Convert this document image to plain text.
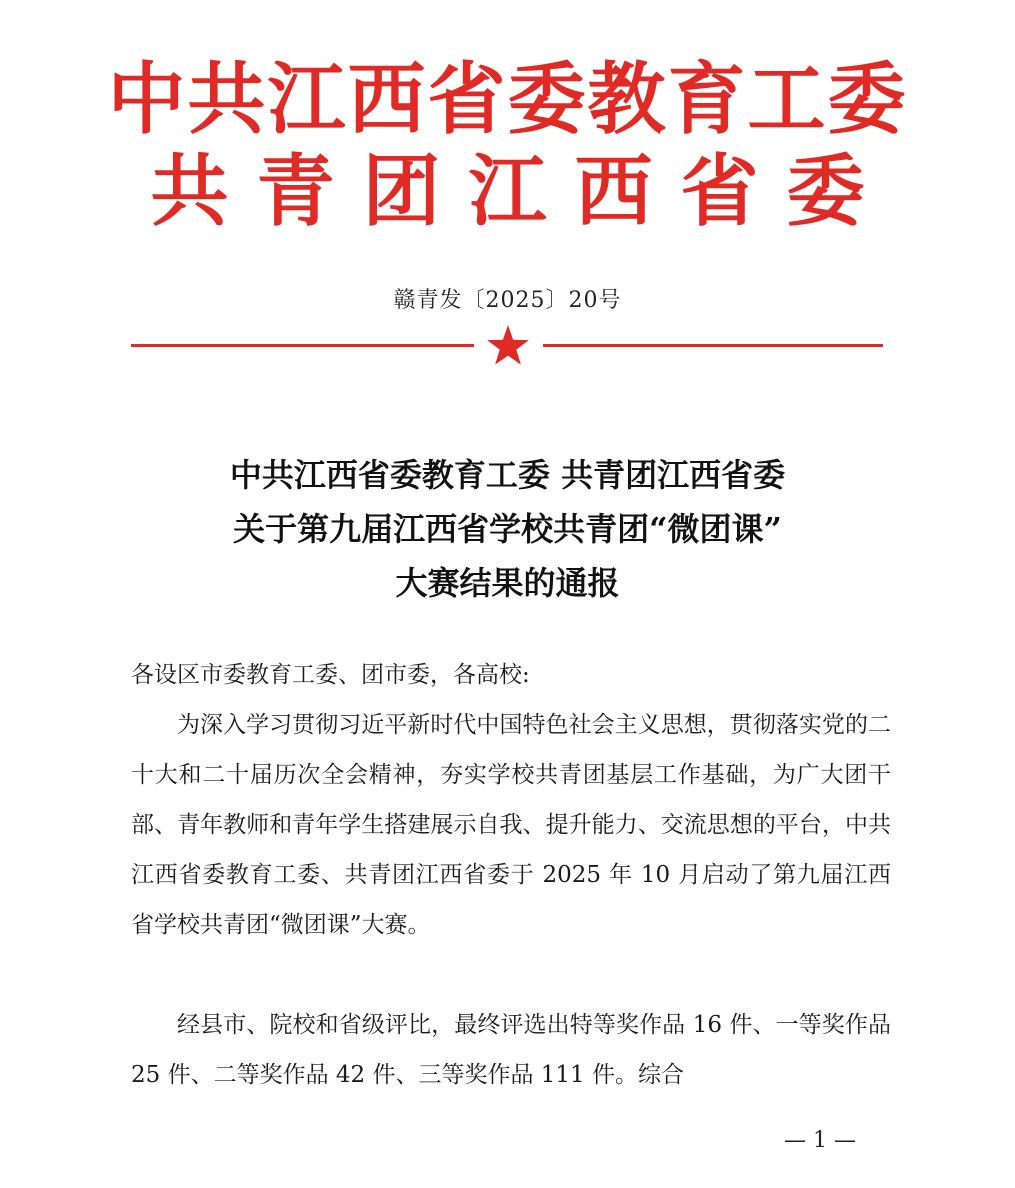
中共江西省委教育工委
共青团江西省委
赣青发〔2025〕20号
中共江西省委教育工委 共青团江西省委
关于第九届江西省学校共青团“微团课”
大赛结果的通报
各设区市委教育工委、团市委，各高校:

为深入学习贯彻习近平新时代中国特色社会主义思想，贯彻落实党的二十大和二十届历次全会精神，夯实学校共青团基层工作基础，为广大团干部、青年教师和青年学生搭建展示自我、提升能力、交流思想的平台，中共江西省委教育工委、共青团江西省委于 2025 年 10 月启动了第九届江西省学校共青团“微团课”大赛。

经县市、院校和省级评比，最终评选出特等奖作品 16 件、一等奖作品 25 件、二等奖作品 42 件、三等奖作品 111 件。综合

— 1 —
